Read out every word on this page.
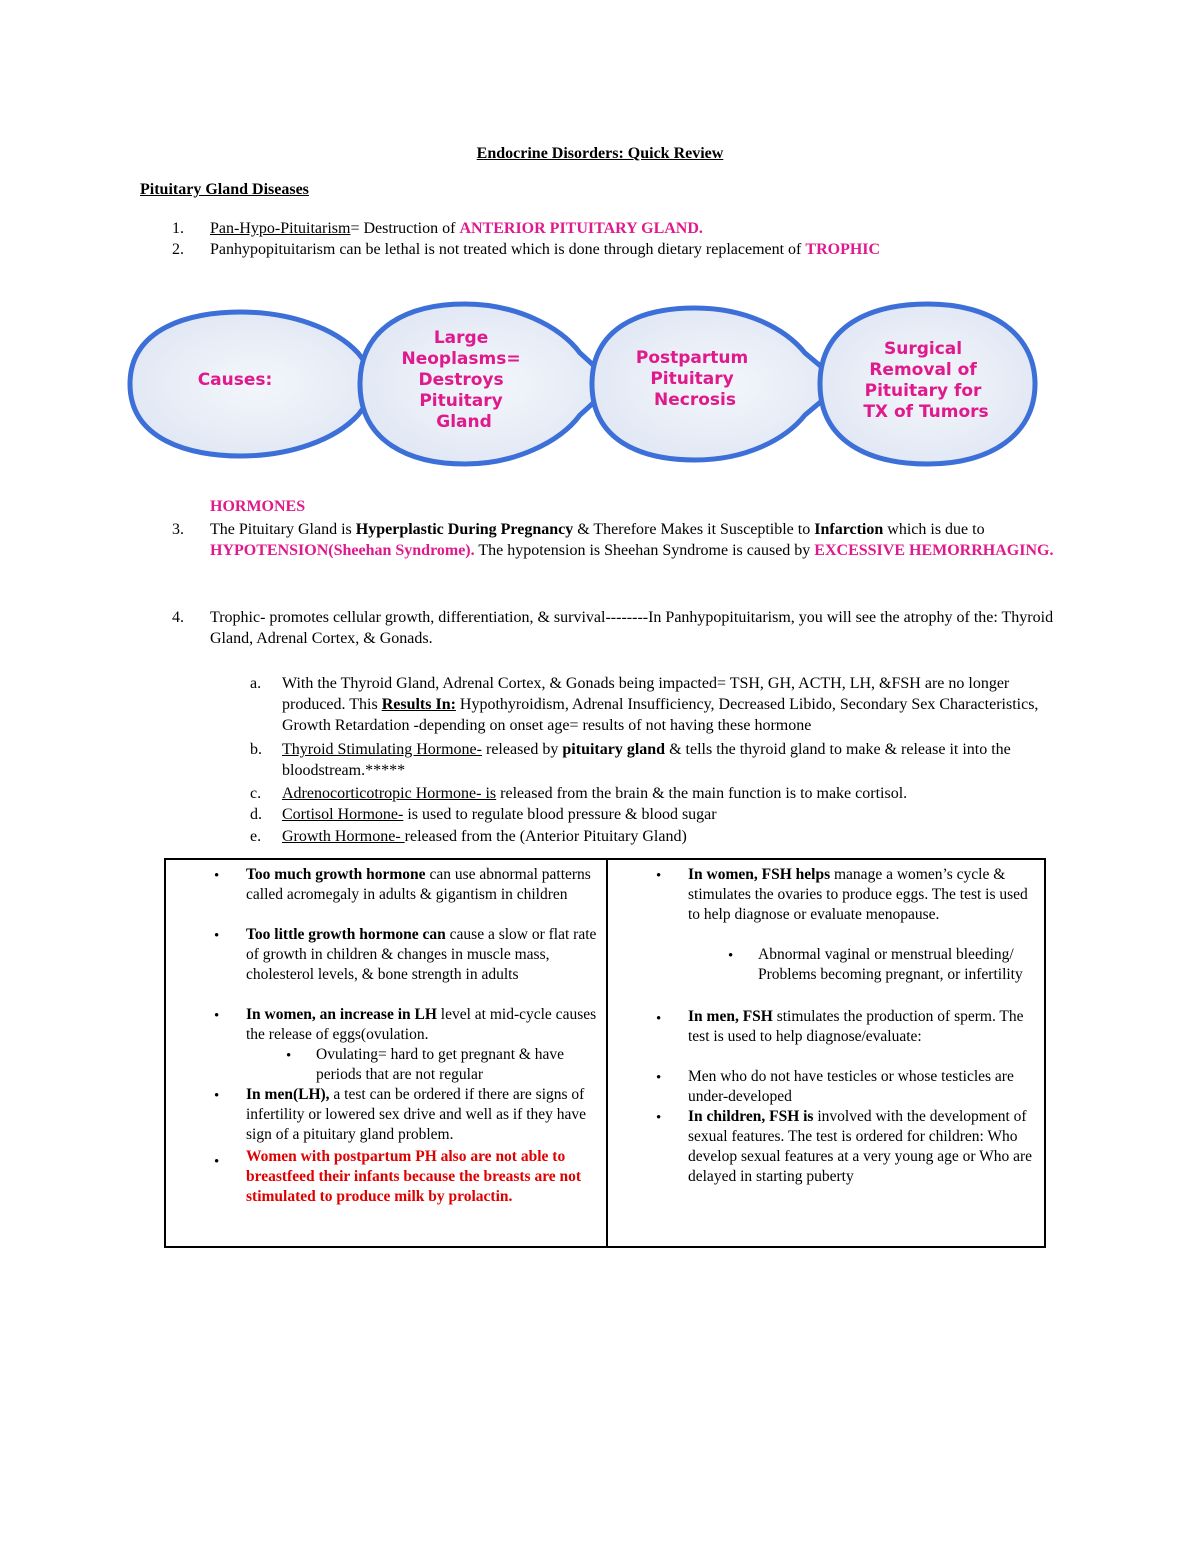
Endocrine Disorders: Quick Review
Pituitary Gland Diseases
1. Pan-Hypo-Pituitarism= Destruction of ANTERIOR PITUITARY GLAND.
2. Panhypopituitarism can be lethal is not treated which is done through dietary replacement of TROPHIC
Causes:
Large Neoplasms= Destroys Pituitary Gland
Postpartum Pituitary Necrosis
Surgical Removal of Pituitary for TX of Tumors
HORMONES
3. The Pituitary Gland is Hyperplastic During Pregnancy & Therefore Makes it Susceptible to Infarction which is due to HYPOTENSION(Sheehan Syndrome). The hypotension is Sheehan Syndrome is caused by EXCESSIVE HEMORRHAGING.
4. Trophic- promotes cellular growth, differentiation, & survival--------In Panhypopituitarism, you will see the atrophy of the: Thyroid Gland, Adrenal Cortex, & Gonads.
a. With the Thyroid Gland, Adrenal Cortex, & Gonads being impacted= TSH, GH, ACTH, LH, &FSH are no longer produced. This Results In: Hypothyroidism, Adrenal Insufficiency, Decreased Libido, Secondary Sex Characteristics, Growth Retardation -depending on onset age= results of not having these hormone
b. Thyroid Stimulating Hormone- released by pituitary gland & tells the thyroid gland to make & release it into the bloodstream.*****
c. Adrenocorticotropic Hormone- is released from the brain & the main function is to make cortisol.
d. Cortisol Hormone- is used to regulate blood pressure & blood sugar
e. Growth Hormone- released from the (Anterior Pituitary Gland)
• Too much growth hormone can use abnormal patterns called acromegaly in adults & gigantism in children
• Too little growth hormone can cause a slow or flat rate of growth in children & changes in muscle mass, cholesterol levels, & bone strength in adults
• In women, an increase in LH level at mid-cycle causes the release of eggs(ovulation.
• Ovulating= hard to get pregnant & have periods that are not regular
• In men(LH), a test can be ordered if there are signs of infertility or lowered sex drive and well as if they have sign of a pituitary gland problem.
• Women with postpartum PH also are not able to breastfeed their infants because the breasts are not stimulated to produce milk by prolactin.
• In women, FSH helps manage a women’s cycle & stimulates the ovaries to produce eggs. The test is used to help diagnose or evaluate menopause.
• Abnormal vaginal or menstrual bleeding/ Problems becoming pregnant, or infertility
• In men, FSH stimulates the production of sperm. The test is used to help diagnose/evaluate:
• Men who do not have testicles or whose testicles are under-developed
• In children, FSH is involved with the development of sexual features. The test is ordered for children: Who develop sexual features at a very young age or Who are delayed in starting puberty
